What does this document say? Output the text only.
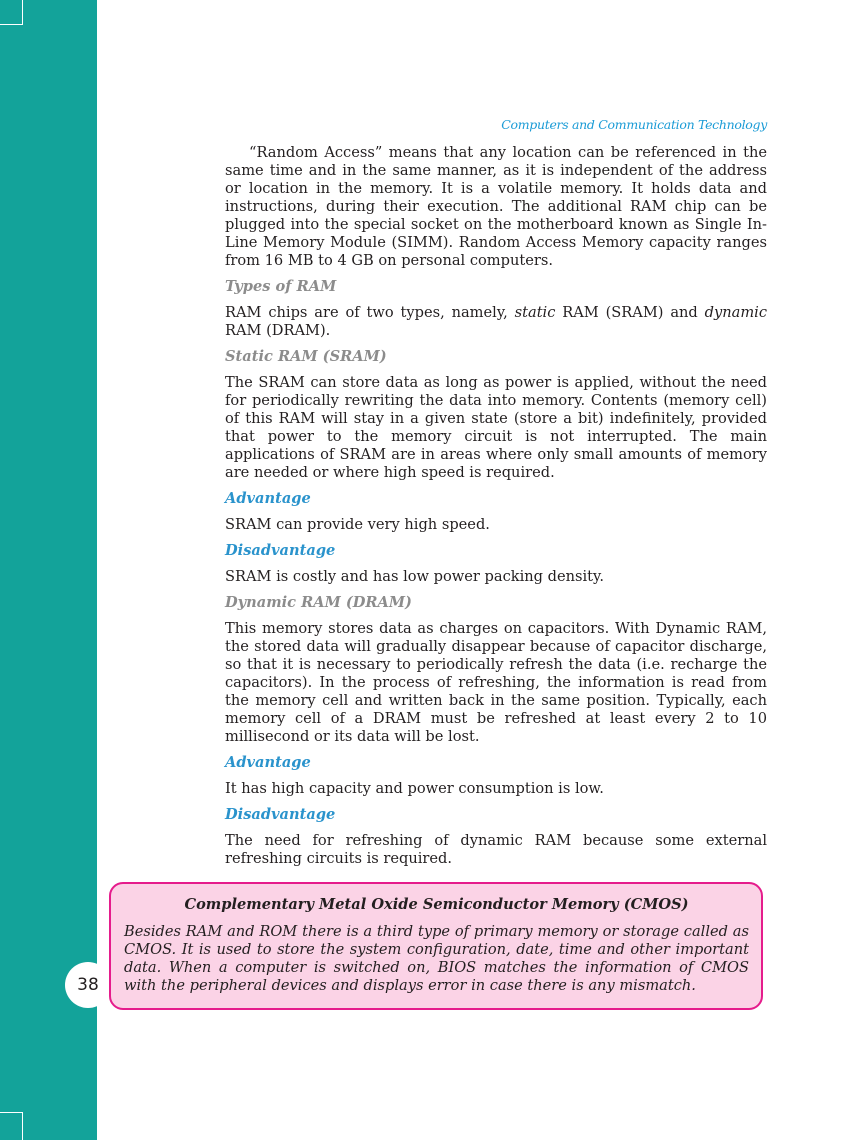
38
Computers and Communication Technology

“Random Access” means that any location can be referenced in the same time and in the same manner, as it is independent of the address or location in the memory. It is a volatile memory. It holds data and instructions, during their execution. The additional RAM chip can be plugged into the special socket on the motherboard known as Single In-Line Memory Module (SIMM). Random Access Memory capacity ranges from 16 MB to 4 GB on personal computers.

Types of RAM

RAM chips are of two types, namely, static RAM (SRAM) and dynamic RAM (DRAM).

Static RAM (SRAM)

The SRAM can store data as long as power is applied, without the need for periodically rewriting the data into memory. Contents (memory cell) of this RAM will stay in a given state (store a bit) indefinitely, provided that power to the memory circuit is not interrupted. The main applications of SRAM are in areas where only small amounts of memory are needed or where high speed is required.

Advantage

SRAM can provide very high speed.

Disadvantage

SRAM is costly and has low power packing density.

Dynamic RAM (DRAM)

This memory stores data as charges on capacitors. With Dynamic RAM, the stored data will gradually disappear because of capacitor discharge, so that it is necessary to periodically refresh the data (i.e. recharge the capacitors). In the process of refreshing, the information is read from the memory cell and written back in the same position. Typically, each memory cell of a DRAM must be refreshed at least every 2 to 10 millisecond or its data will be lost.

Advantage

It has high capacity and power consumption is low.

Disadvantage

The need for refreshing of dynamic RAM because some external refreshing circuits is required.

Complementary Metal Oxide Semiconductor Memory (CMOS)
Besides RAM and ROM there is a third type of primary memory or storage called as CMOS. It is used to store the system configuration, date, time and other important data. When a computer is switched on, BIOS matches the information of CMOS with the peripheral devices and displays error in case there is any mismatch.
